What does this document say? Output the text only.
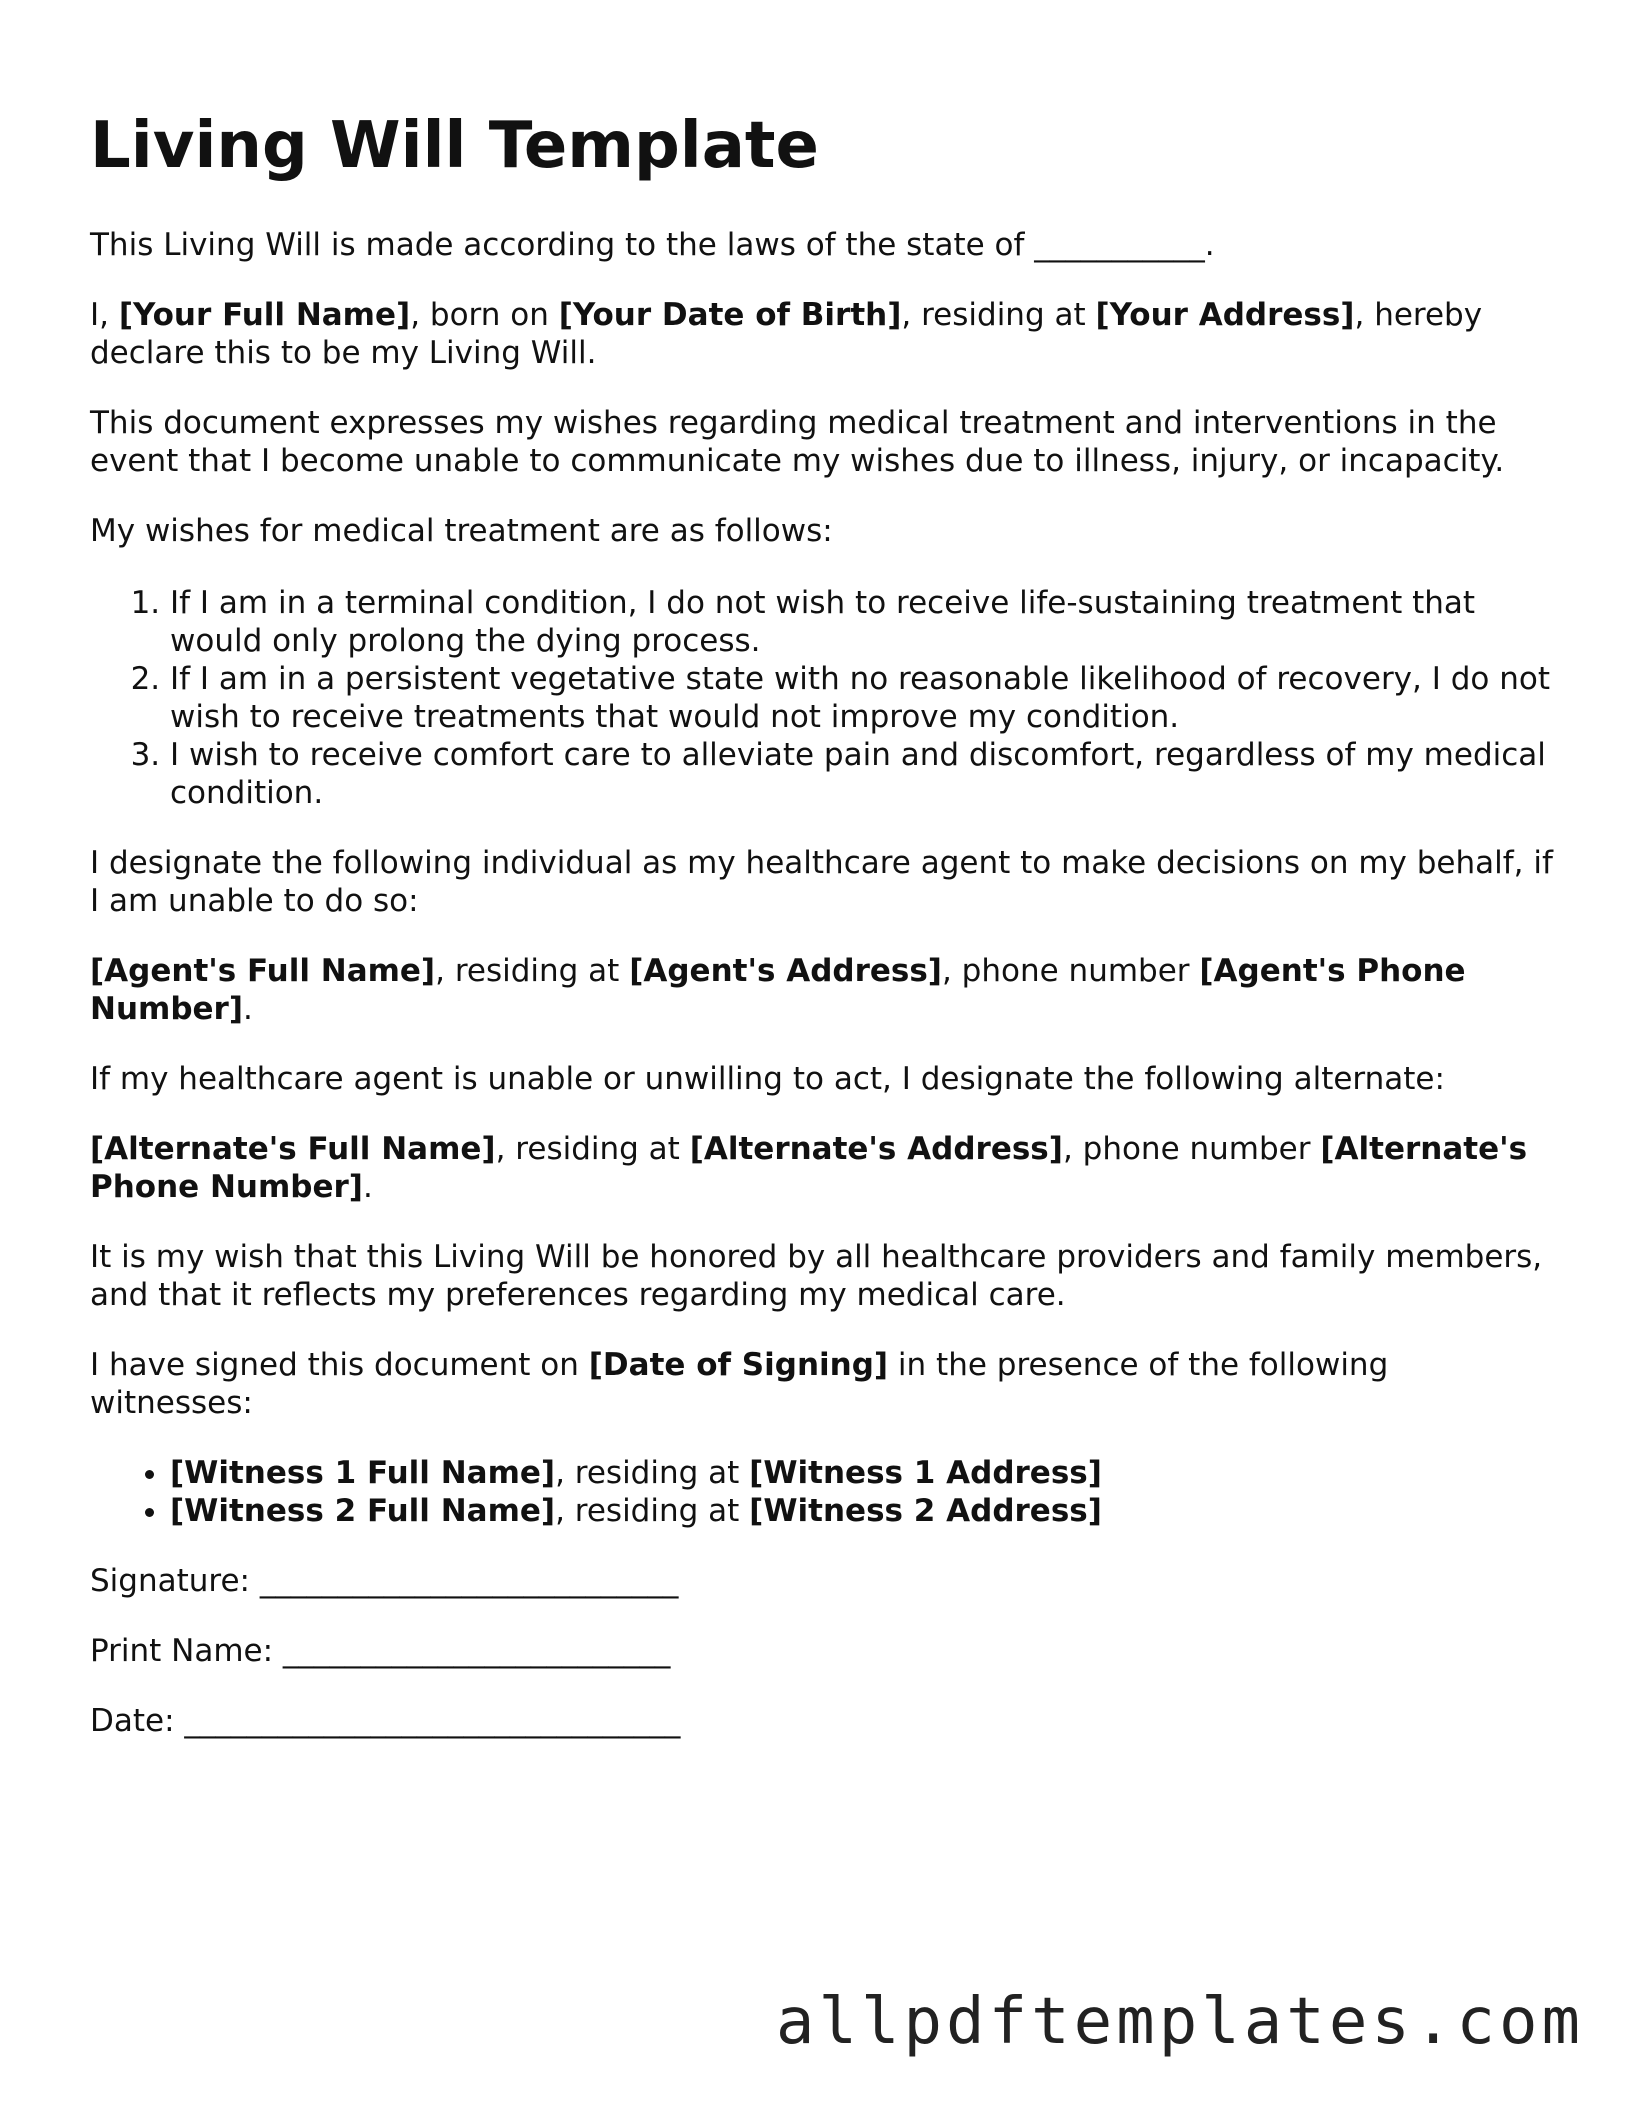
Living Will Template

This Living Will is made according to the laws of the state of ___________.

I, [Your Full Name], born on [Your Date of Birth], residing at [Your Address], hereby declare this to be my Living Will.

This document expresses my wishes regarding medical treatment and interventions in the event that I become unable to communicate my wishes due to illness, injury, or incapacity.

My wishes for medical treatment are as follows:

1. If I am in a terminal condition, I do not wish to receive life-sustaining treatment that would only prolong the dying process.
2. If I am in a persistent vegetative state with no reasonable likelihood of recovery, I do not wish to receive treatments that would not improve my condition.
3. I wish to receive comfort care to alleviate pain and discomfort, regardless of my medical condition.

I designate the following individual as my healthcare agent to make decisions on my behalf, if I am unable to do so:

[Agent's Full Name], residing at [Agent's Address], phone number [Agent's Phone Number].

If my healthcare agent is unable or unwilling to act, I designate the following alternate:

[Alternate's Full Name], residing at [Alternate's Address], phone number [Alternate's Phone Number].

It is my wish that this Living Will be honored by all healthcare providers and family members, and that it reflects my preferences regarding my medical care.

I have signed this document on [Date of Signing] in the presence of the following witnesses:

• [Witness 1 Full Name], residing at [Witness 1 Address]
• [Witness 2 Full Name], residing at [Witness 2 Address]

Signature: ___________________________

Print Name: _________________________

Date: ________________________________

allpdftemplates.com
